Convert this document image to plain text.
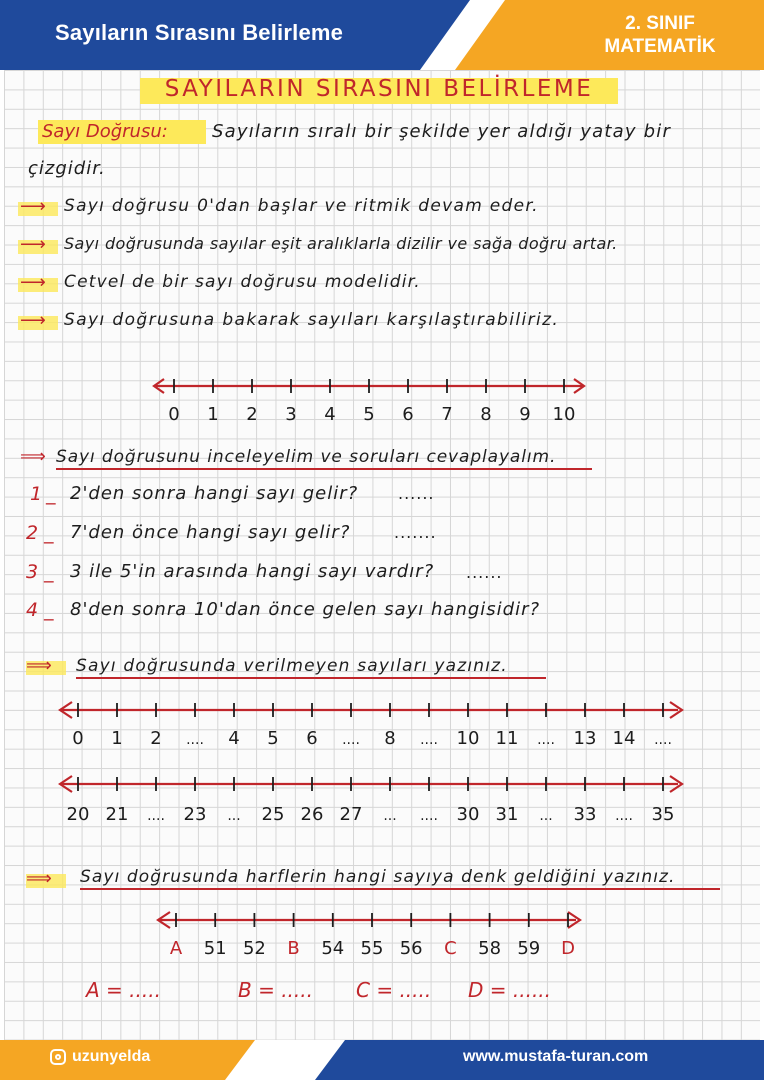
Sayıların Sırasını Belirleme	2. SINIF
MATEMATİK
SAYILARIN SIRASINI BELİRLEME
Sayı Doğrusu: Sayıların sıralı bir şekilde yer aldığı yatay bir
çizgidir.
⟶ Sayı doğrusu 0'dan başlar ve ritmik devam eder.
⟶ Sayı doğrusunda sayılar eşit aralıklarla dizilir ve sağa doğru artar.
⟶ Cetvel de bir sayı doğrusu modelidir.
⟶ Sayı doğrusuna bakarak sayıları karşılaştırabiliriz.
0	1	2	3	4	5	6	7	8	9	10
⟹ Sayı doğrusunu inceleyelim ve soruları cevaplayalım.
1 _ 2'den sonra hangi sayı gelir? ......
2 _ 7'den önce hangi sayı gelir?	.......
3 _ 3 ile 5'in arasında hangi sayı vardır? ......
4 _ 8'den sonra 10'dan önce gelen sayı hangisidir?
⟹ Sayı doğrusunda verilmeyen sayıları yazınız.
0	1	2	....	4	5	6	....	8	.... 10 11 .... 13 14 ....
20 21 .... 23	... 25 26 27	...	.... 30 31	... 33 .... 35
⟹ Sayı doğrusunda harflerin hangi sayıya denk geldiğini yazınız.
A	51 52	B	54 55 56	C	58 59 D
A = .....	B = ..... C = ..... D = ......
uzunyelda	www.mustafa-turan.com
